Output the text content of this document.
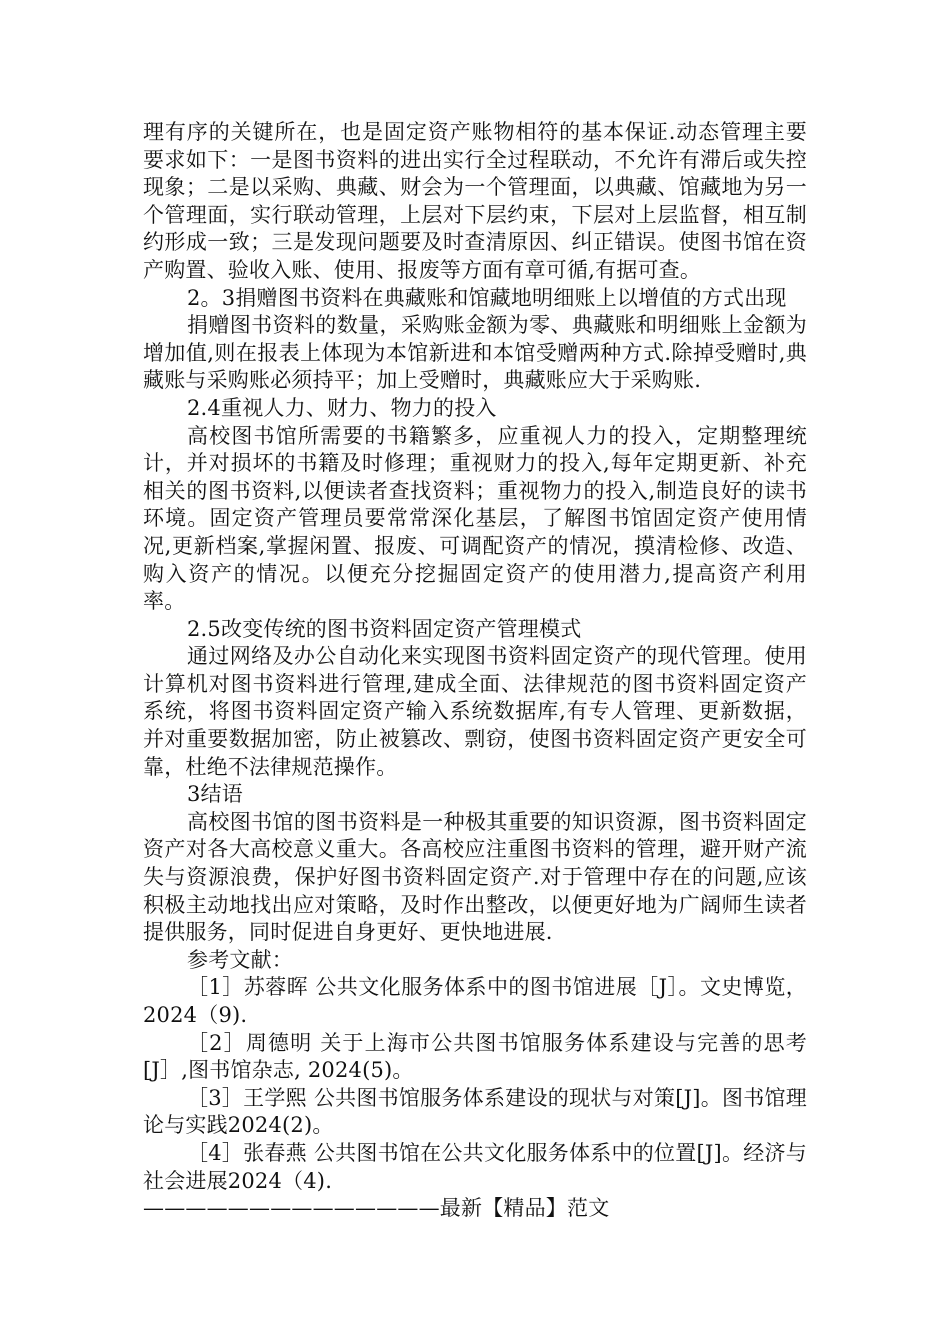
理有序的关键所在，也是固定资产账物相符的基本保证.动态管理主要要求如下：一是图书资料的进出实行全过程联动，不允许有滞后或失控现象；二是以采购、典藏、财会为一个管理面，以典藏、馆藏地为另一个管理面，实行联动管理，上层对下层约束，下层对上层监督，相互制约形成一致；三是发现问题要及时查清原因、纠正错误。使图书馆在资产购置、验收入账、使用、报废等方面有章可循,有据可查。

2。3捐赠图书资料在典藏账和馆藏地明细账上以增值的方式出现

捐赠图书资料的数量，采购账金额为零、典藏账和明细账上金额为增加值,则在报表上体现为本馆新进和本馆受赠两种方式.除掉受赠时,典藏账与采购账必须持平；加上受赠时，典藏账应大于采购账.

2.4重视人力、财力、物力的投入

高校图书馆所需要的书籍繁多，应重视人力的投入，定期整理统计，并对损坏的书籍及时修理；重视财力的投入,每年定期更新、补充相关的图书资料,以便读者查找资料；重视物力的投入,制造良好的读书环境。固定资产管理员要常常深化基层，了解图书馆固定资产使用情况,更新档案,掌握闲置、报废、可调配资产的情况，摸清检修、改造、购入资产的情况。以便充分挖掘固定资产的使用潜力,提高资产利用率。

2.5改变传统的图书资料固定资产管理模式

通过网络及办公自动化来实现图书资料固定资产的现代管理。使用计算机对图书资料进行管理,建成全面、法律规范的图书资料固定资产系统，将图书资料固定资产输入系统数据库,有专人管理、更新数据，并对重要数据加密，防止被篡改、剽窃，使图书资料固定资产更安全可靠，杜绝不法律规范操作。

3结语

高校图书馆的图书资料是一种极其重要的知识资源，图书资料固定资产对各大高校意义重大。各高校应注重图书资料的管理，避开财产流失与资源浪费，保护好图书资料固定资产.对于管理中存在的问题,应该积极主动地找出应对策略，及时作出整改，以便更好地为广阔师生读者提供服务，同时促进自身更好、更快地进展.

参考文献：

［1］苏蓉晖 公共文化服务体系中的图书馆进展［J］。文史博览，2024（9).

［2］周德明 关于上海市公共图书馆服务体系建设与完善的思考[J］,图书馆杂志, 2024(5)。

［3］王学熙 公共图书馆服务体系建设的现状与对策[J]。图书馆理论与实践2024(2)。

［4］张春燕 公共图书馆在公共文化服务体系中的位置[J]。经济与社会进展2024（4).

——————————————最新【精品】范文
